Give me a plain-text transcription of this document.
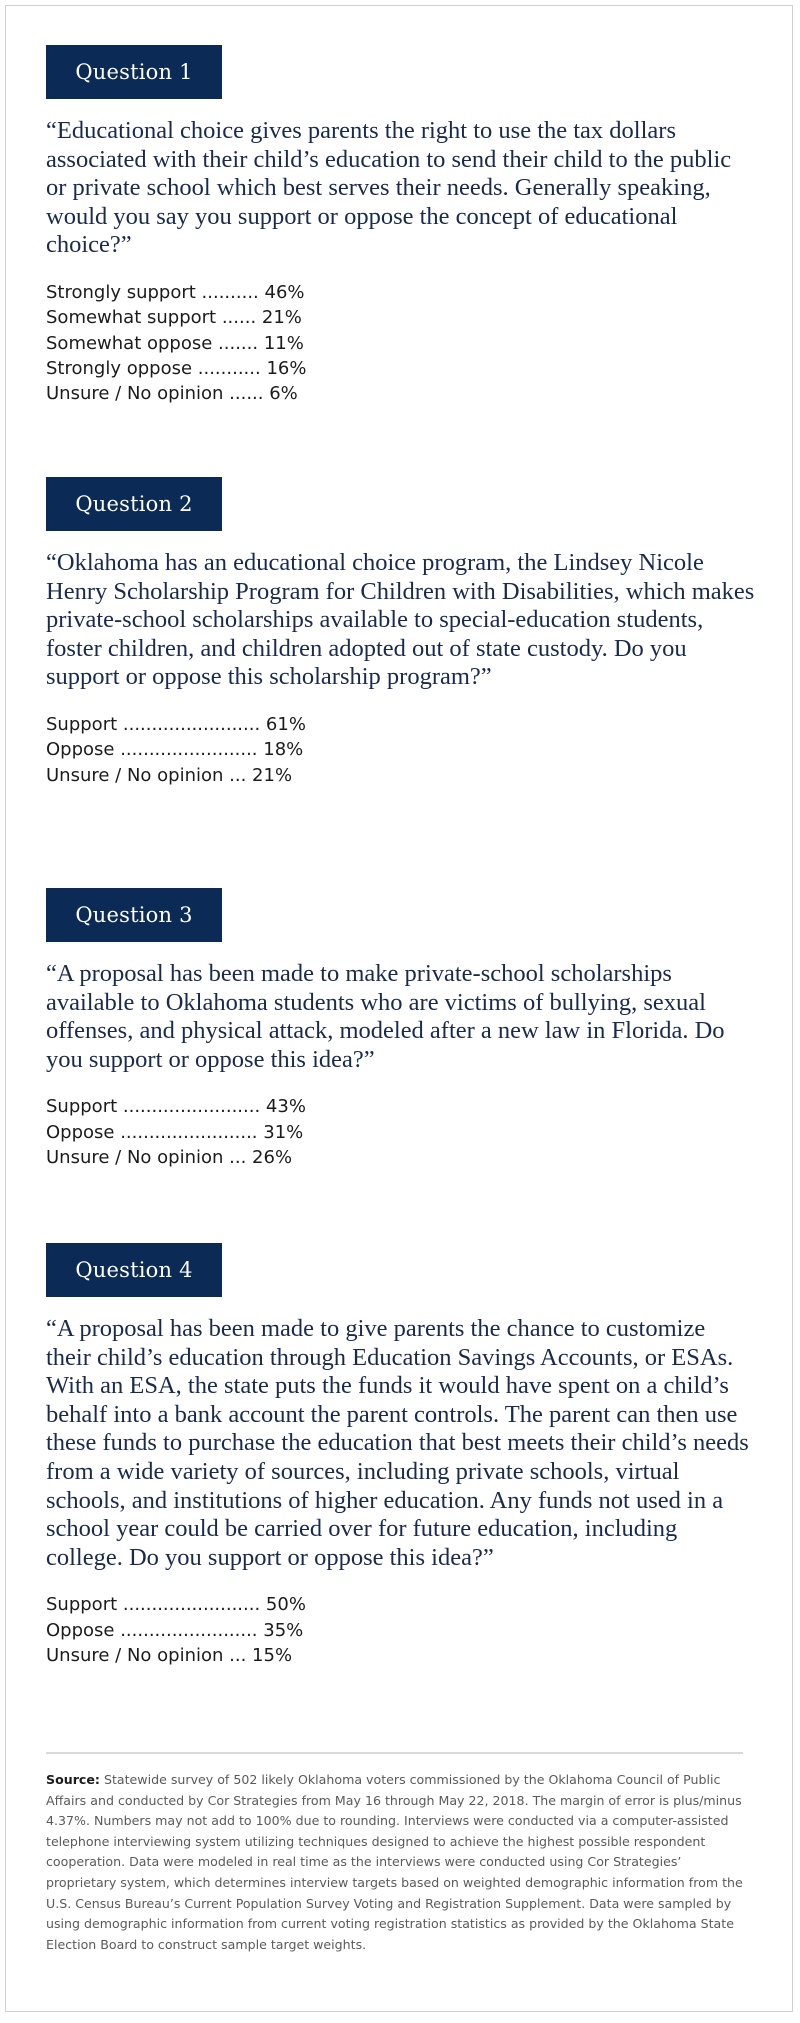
Question 1

“Educational choice gives parents the right to use the tax dollars associated with their child’s education to send their child to the public or private school which best serves their needs. Generally speaking, would you say you support or oppose the concept of educational choice?”

Strongly support .......... 46%
Somewhat support ...... 21%
Somewhat oppose ....... 11%
Strongly oppose ........... 16%
Unsure / No opinion ...... 6%
Question 2

“Oklahoma has an educational choice program, the Lindsey Nicole Henry Scholarship Program for Children with Disabilities, which makes private-school scholarships available to special-education students, foster children, and children adopted out of state custody. Do you support or oppose this scholarship program?”

Support ........................ 61%
Oppose ........................ 18%
Unsure / No opinion ... 21%
Question 3

“A proposal has been made to make private-school scholarships available to Oklahoma students who are victims of bullying, sexual offenses, and physical attack, modeled after a new law in Florida. Do you support or oppose this idea?”

Support ........................ 43%
Oppose ........................ 31%
Unsure / No opinion ... 26%
Question 4

“A proposal has been made to give parents the chance to customize their child’s education through Education Savings Accounts, or ESAs. With an ESA, the state puts the funds it would have spent on a child’s behalf into a bank account the parent controls. The parent can then use these funds to purchase the education that best meets their child’s needs from a wide variety of sources, including private schools, virtual schools, and institutions of higher education. Any funds not used in a school year could be carried over for future education, including college. Do you support or oppose this idea?”

Support ........................ 50%
Oppose ........................ 35%
Unsure / No opinion ... 15%
Source: Statewide survey of 502 likely Oklahoma voters commissioned by the Oklahoma Council of Public Affairs and conducted by Cor Strategies from May 16 through May 22, 2018. The margin of error is plus/minus 4.37%. Numbers may not add to 100% due to rounding. Interviews were conducted via a computer-assisted telephone interviewing system utilizing techniques designed to achieve the highest possible respondent cooperation. Data were modeled in real time as the interviews were conducted using Cor Strategies’ proprietary system, which determines interview targets based on weighted demographic information from the U.S. Census Bureau’s Current Population Survey Voting and Registration Supplement. Data were sampled by using demographic information from current voting registration statistics as provided by the Oklahoma State Election Board to construct sample target weights.
